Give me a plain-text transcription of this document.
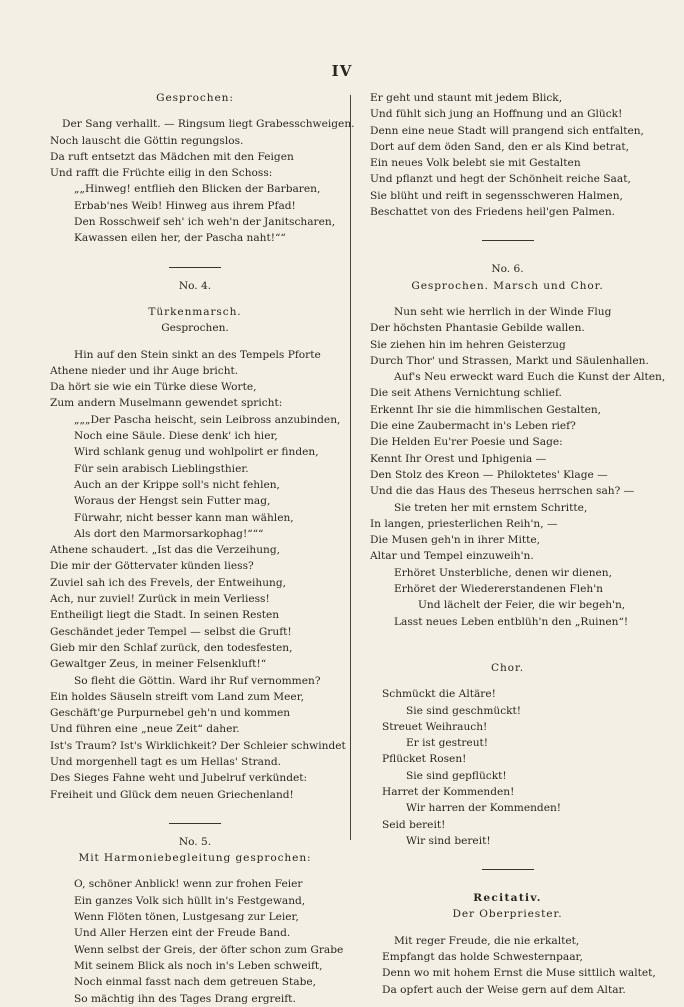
IV
Gesprochen:
Der Sang verhallt. — Ringsum liegt Grabesschweigen.
Noch lauscht die Göttin regungslos.
Da ruft entsetzt das Mädchen mit den Feigen
Und rafft die Früchte eilig in den Schoss:
„„Hinweg! entflieh den Blicken der Barbaren,
Erbab'nes Weib! Hinweg aus ihrem Pfad!
Den Rosschweif seh' ich weh'n der Janitscharen,
Kawassen eilen her, der Pascha naht!““
No. 4.
Türkenmarsch.
Gesprochen.
Hin auf den Stein sinkt an des Tempels Pforte
Athene nieder und ihr Auge bricht.
Da hört sie wie ein Türke diese Worte,
Zum andern Muselmann gewendet spricht:
„„„Der Pascha heischt, sein Leibross anzubinden,
Noch eine Säule. Diese denk' ich hier,
Wird schlank genug und wohlpolirt er finden,
Für sein arabisch Lieblingsthier.
Auch an der Krippe soll's nicht fehlen,
Woraus der Hengst sein Futter mag,
Fürwahr, nicht besser kann man wählen,
Als dort den Marmorsarkophag!“““
Athene schaudert. „Ist das die Verzeihung,
Die mir der Göttervater künden liess?
Zuviel sah ich des Frevels, der Entweihung,
Ach, nur zuviel! Zurück in mein Verliess!
Entheiligt liegt die Stadt. In seinen Resten
Geschändet jeder Tempel — selbst die Gruft!
Gieb mir den Schlaf zurück, den todesfesten,
Gewaltger Zeus, in meiner Felsenkluft!“
So fleht die Göttin. Ward ihr Ruf vernommen?
Ein holdes Säuseln streift vom Land zum Meer,
Geschäft'ge Purpurnebel geh'n und kommen
Und führen eine „neue Zeit“ daher.
Ist's Traum? Ist's Wirklichkeit? Der Schleier schwindet
Und morgenhell tagt es um Hellas' Strand.
Des Sieges Fahne weht und Jubelruf verkündet:
Freiheit und Glück dem neuen Griechenland!
No. 5.
Mit Harmoniebegleitung gesprochen:
O, schöner Anblick! wenn zur frohen Feier
Ein ganzes Volk sich hüllt in's Festgewand,
Wenn Flöten tönen, Lustgesang zur Leier,
Und Aller Herzen eint der Freude Band.
Wenn selbst der Greis, der öfter schon zum Grabe
Mit seinem Blick als noch in's Leben schweift,
Noch einmal fasst nach dem getreuen Stabe,
So mächtig ihn des Tages Drang ergreift.
Er geht und staunt mit jedem Blick,
Und fühlt sich jung an Hoffnung und an Glück!
Denn eine neue Stadt will prangend sich entfalten,
Dort auf dem öden Sand, den er als Kind betrat,
Ein neues Volk belebt sie mit Gestalten
Und pflanzt und hegt der Schönheit reiche Saat,
Sie blüht und reift in segensschweren Halmen,
Beschattet von des Friedens heil'gen Palmen.
No. 6.
Gesprochen. Marsch und Chor.
Nun seht wie herrlich in der Winde Flug
Der höchsten Phantasie Gebilde wallen.
Sie ziehen hin im hehren Geisterzug
Durch Thor' und Strassen, Markt und Säulenhallen.
Auf's Neu erweckt ward Euch die Kunst der Alten,
Die seit Athens Vernichtung schlief.
Erkennt Ihr sie die himmlischen Gestalten,
Die eine Zaubermacht in's Leben rief?
Die Helden Eu'rer Poesie und Sage:
Kennt Ihr Orest und Iphigenia —
Den Stolz des Kreon — Philoktetes' Klage —
Und die das Haus des Theseus herrschen sah? —
Sie treten her mit ernstem Schritte,
In langen, priesterlichen Reih'n, —
Die Musen geh'n in ihrer Mitte,
Altar und Tempel einzuweih'n.
Erhöret Unsterbliche, denen wir dienen,
Erhöret der Wiedererstandenen Fleh'n
Und lächelt der Feier, die wir begeh'n,
Lasst neues Leben entblüh'n den „Ruinen“!
Chor.
Schmückt die Altäre!
Sie sind geschmückt!
Streuet Weihrauch!
Er ist gestreut!
Pflücket Rosen!
Sie sind gepflückt!
Harret der Kommenden!
Wir harren der Kommenden!
Seid bereit!
Wir sind bereit!
Recitativ.
Der Oberpriester.
Mit reger Freude, die nie erkaltet,
Empfangt das holde Schwesternpaar,
Denn wo mit hohem Ernst die Muse sittlich waltet,
Da opfert auch der Weise gern auf dem Altar.
